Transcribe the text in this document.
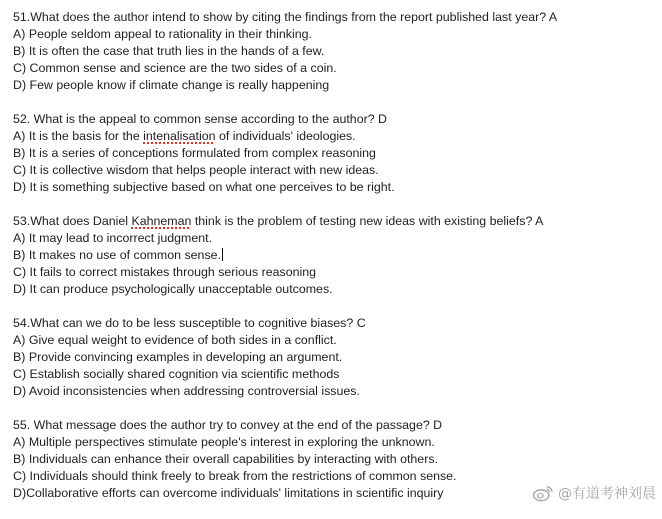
51.What does the author intend to show by citing the findings from the report published last year? A
A) People seldom appeal to rationality in their thinking.
B) It is often the case that truth lies in the hands of a few.
C) Common sense and science are the two sides of a coin.
D) Few people know if climate change is really happening
52. What is the appeal to common sense according to the author? D
A) It is the basis for the intenalisation of individuals' ideologies.
B) It is a series of conceptions formulated from complex reasoning
C) It is collective wisdom that helps people interact with new ideas.
D) It is something subjective based on what one perceives to be right.
53.What does Daniel Kahneman think is the problem of testing new ideas with existing beliefs? A
A) It may lead to incorrect judgment.
B) It makes no use of common sense.
C) It fails to correct mistakes through serious reasoning
D) It can produce psychologically unacceptable outcomes.
54.What can we do to be less susceptible to cognitive biases? C
A) Give equal weight to evidence of both sides in a conflict.
B) Provide convincing examples in developing an argument.
C) Establish socially shared cognition via scientific methods
D) Avoid inconsistencies when addressing controversial issues.
55. What message does the author try to convey at the end of the passage? D
A) Multiple perspectives stimulate people's interest in exploring the unknown.
B) Individuals can enhance their overall capabilities by interacting with others.
C) Individuals should think freely to break from the restrictions of common sense.
D)Collaborative efforts can overcome individuals' limitations in scientific inquiry	@有道考神刘晨
